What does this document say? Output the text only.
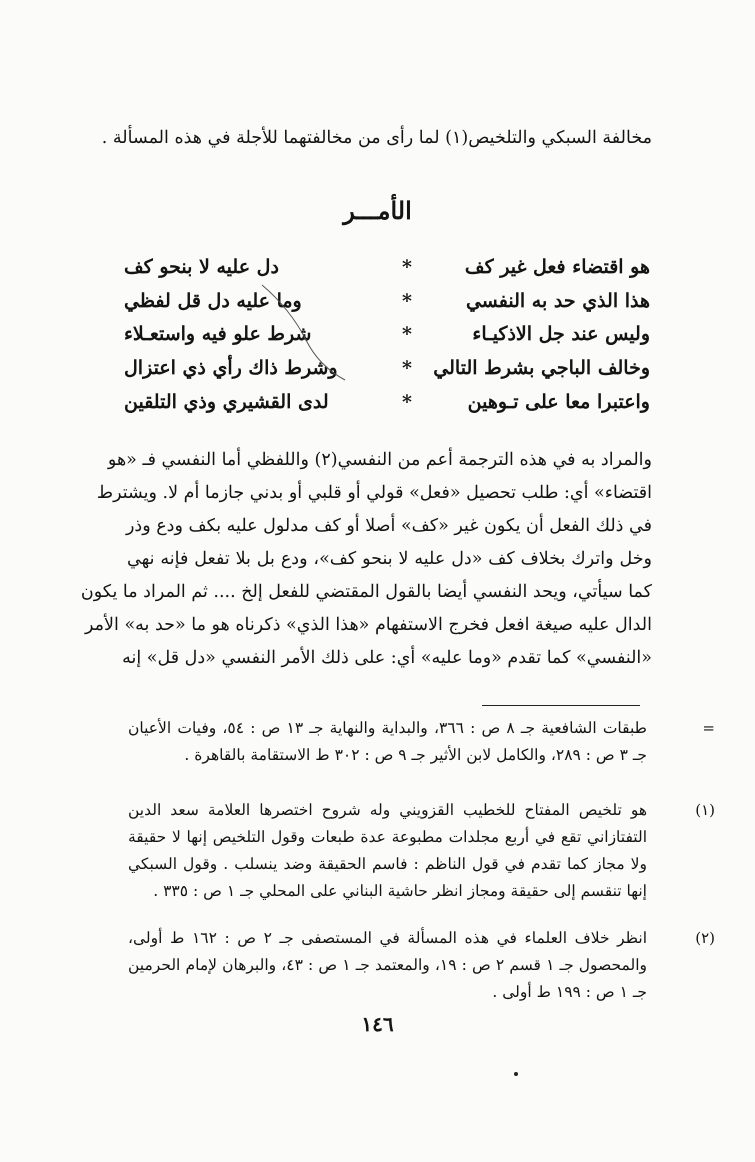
مخالفة السبكي والتلخيص(١) لما رأى من مخالفتهما للأجلة في هذه المسألة .
الأمـــر
هو اقتضاء فعل غير كف
*
دل عليه لا بنحو كف
هذا الذي حد به النفسي
*
وما عليه دل قل لفظي
وليس عند جل الاذكيـاء
*
شرط علو فيه واستعـلاء
وخالف الباجي بشرط التالي
*
وشرط ذاك رأي ذي اعتزال
واعتبرا معا على تـوهين
*
لدى القشيري وذي التلقين
والمراد به في هذه الترجمة أعم من النفسي(٢) واللفظي أما النفسي فـ «هو
اقتضاء» أي: طلب تحصيل «فعل» قولي أو قلبي أو بدني جازما أم لا. ويشترط
في ذلك الفعل أن يكون غير «كف» أصلا أو كف مدلول عليه بكف ودع وذر
وخل واترك بخلاف كف «دل عليه لا بنحو كف»، ودع بل بلا تفعل فإنه نهي
كما سيأتي، ويحد النفسي أيضا بالقول المقتضي للفعل إلخ .... ثم المراد ما يكون
الدال عليه صيغة افعل فخرج الاستفهام «هذا الذي» ذكرناه هو ما «حد به» الأمر
«النفسي» كما تقدم «وما عليه» أي: على ذلك الأمر النفسي «دل قل» إنه
=
طبقات الشافعية جـ ٨ ص : ٣٦٦، والبداية والنهاية جـ ١٣ ص : ٥٤، وفيات الأعيان جـ ٣ ص : ٢٨٩، والكامل لابن الأثير جـ ٩ ص : ٣٠٢ ط الاستقامة بالقاهرة .
(١)
هو تلخيص المفتاح للخطيب القزويني وله شروح اختصرها العلامة سعد الدين التفتازاني تقع في أربع مجلدات مطبوعة عدة طبعات وقول التلخيص إنها لا حقيقة ولا مجاز كما تقدم في قول الناظم : فاسم الحقيقة وضد ينسلب . وقول السبكي إنها تنقسم إلى حقيقة ومجاز انظر حاشية البناني على المحلي جـ ١ ص : ٣٣٥ .
(٢)
انظر خلاف العلماء في هذه المسألة في المستصفى جـ ٢ ص : ١٦٢ ط أولى، والمحصول جـ ١ قسم ٢ ص : ١٩، والمعتمد جـ ١ ص : ٤٣، والبرهان لإمام الحرمين جـ ١ ص : ١٩٩ ط أولى .
١٤٦
